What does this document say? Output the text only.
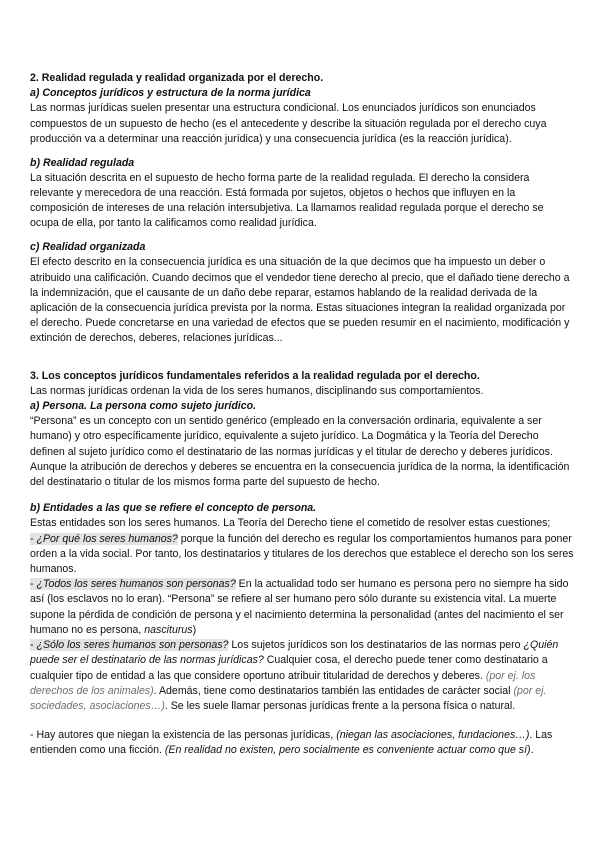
2. Realidad regulada y realidad organizada por el derecho.

a) Conceptos jurídicos y estructura de la norma jurídica

Las normas jurídicas suelen presentar una estructura condicional. Los enunciados jurídicos son enunciados compuestos de un supuesto de hecho (es el antecedente y describe la situación regulada por el derecho cuya producción va a determinar una reacción jurídica) y una consecuencia jurídica (es la reacción jurídica).

b) Realidad regulada

La situación descrita en el supuesto de hecho forma parte de la realidad regulada. El derecho la considera relevante y merecedora de una reacción. Está formada por sujetos, objetos o hechos que influyen en la composición de intereses de una relación intersubjetiva. La llamamos realidad regulada porque el derecho se ocupa de ella, por tanto la calificamos como realidad jurídica.

c) Realidad organizada

El efecto descrito en la consecuencia jurídica es una situación de la que decimos que ha impuesto un deber o atribuido una calificación. Cuando decimos que el vendedor tiene derecho al precio, que el dañado tiene derecho a la indemnización, que el causante de un daño debe reparar, estamos hablando de la realidad derivada de la aplicación de la consecuencia jurídica prevista por la norma. Estas situaciones integran la realidad organizada por el derecho. Puede concretarse en una variedad de efectos que se pueden resumir en el nacimiento, modificación y extinción de derechos, deberes, relaciones jurídicas...

3. Los conceptos jurídicos fundamentales referidos a la realidad regulada por el derecho.

Las normas jurídicas ordenan la vida de los seres humanos, disciplinando sus comportamientos.

a) Persona. La persona como sujeto jurídico.

“Persona” es un concepto con un sentido genérico (empleado en la conversación ordinaria, equivalente a ser humano) y otro específicamente jurídico, equivalente a sujeto jurídico. La Dogmática y la Teoría del Derecho definen al sujeto jurídico como el destinatario de las normas jurídicas y el titular de derecho y deberes jurídicos. Aunque la atribución de derechos y deberes se encuentra en la consecuencia jurídica de la norma, la identificación del destinatario o titular de los mismos forma parte del supuesto de hecho.

b) Entidades a las que se refiere el concepto de persona.

Estas entidades son los seres humanos. La Teoría del Derecho tiene el cometido de resolver estas cuestiones;

- ¿Por qué los seres humanos? porque la función del derecho es regular los comportamientos humanos para poner orden a la vida social. Por tanto, los destinatarios y titulares de los derechos que establece el derecho son los seres humanos.

- ¿Todos los seres humanos son personas? En la actualidad todo ser humano es persona pero no siempre ha sido así (los esclavos no lo eran). “Persona” se refiere al ser humano pero sólo durante su existencia vital. La muerte supone la pérdida de condición de persona y el nacimiento determina la personalidad (antes del nacimiento el ser humano no es persona, nasciturus)

- ¿Sólo los seres humanos son personas? Los sujetos jurídicos son los destinatarios de las normas pero ¿Quién puede ser el destinatario de las normas jurídicas? Cualquier cosa, el derecho puede tener como destinatario a cualquier tipo de entidad a las que considere oportuno atribuir titularidad de derechos y deberes. (por ej. los derechos de los animales). Además, tiene como destinatarios también las entidades de carácter social (por ej. sociedades, asociaciones…). Se les suele llamar personas jurídicas frente a la persona física o natural.

- Hay autores que niegan la existencia de las personas jurídicas, (niegan las asociaciones, fundaciones…). Las entienden como una ficción. (En realidad no existen, pero socialmente es conveniente actuar como que sí).
